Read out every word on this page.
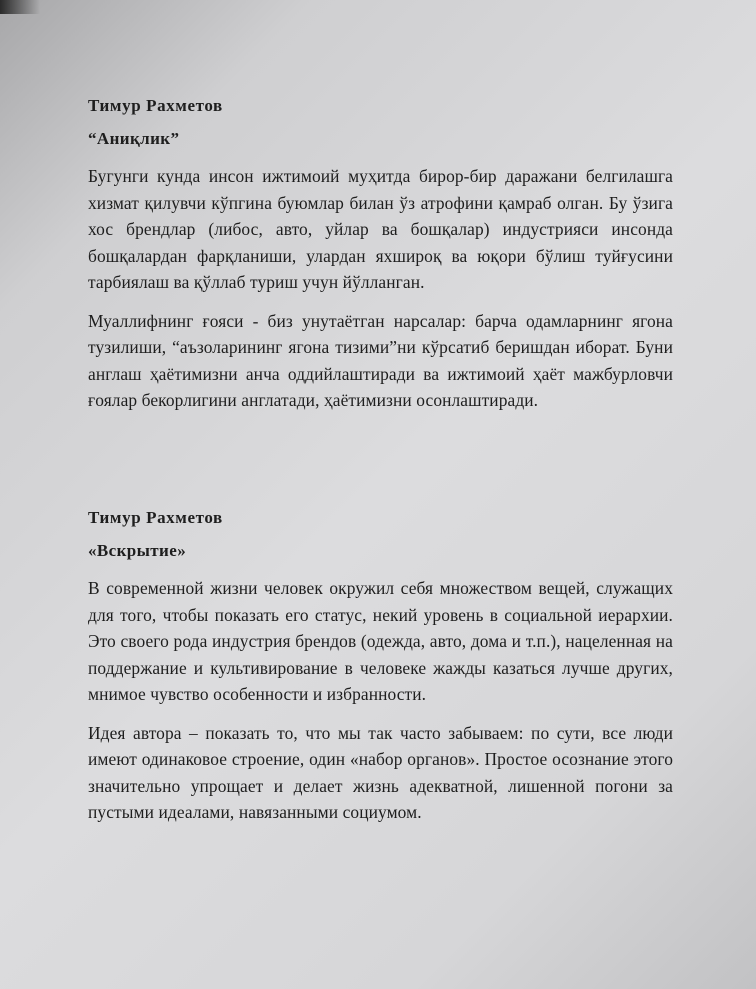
Тимур Рахметов

“Аниқлик”

Бугунги кунда инсон ижтимоий муҳитда бирор-бир даражани белгилашга хизмат қилувчи кўпгина буюмлар билан ўз атрофини қамраб олган. Бу ўзига хос брендлар (либос, авто, уйлар ва бошқалар) индустрияси инсонда бошқалардан фарқланиши, улардан яхшироқ ва юқори бўлиш туйғусини тарбиялаш ва қўллаб туриш учун йўлланган.

Муаллифнинг ғояси - биз унутаётган нарсалар: барча одамларнинг ягона тузилиши, “аъзоларининг ягона тизими”ни кўрсатиб беришдан иборат. Буни англаш ҳаётимизни анча оддийлаштиради ва ижтимоий ҳаёт мажбурловчи ғоялар бекорлигини англатади, ҳаётимизни осонлаштиради.

Тимур Рахметов

«Вскрытие»

В современной жизни человек окружил себя множеством вещей, служащих для того, чтобы показать его статус, некий уровень в социальной иерархии. Это своего рода индустрия брендов (одежда, авто, дома и т.п.), нацеленная на поддержание и культивирование в человеке жажды казаться лучше других, мнимое чувство особенности и избранности.

Идея автора – показать то, что мы так часто забываем: по сути, все люди имеют одинаковое строение, один «набор органов». Простое осознание этого значительно упрощает и делает жизнь адекватной, лишенной погони за пустыми идеалами, навязанными социумом.
